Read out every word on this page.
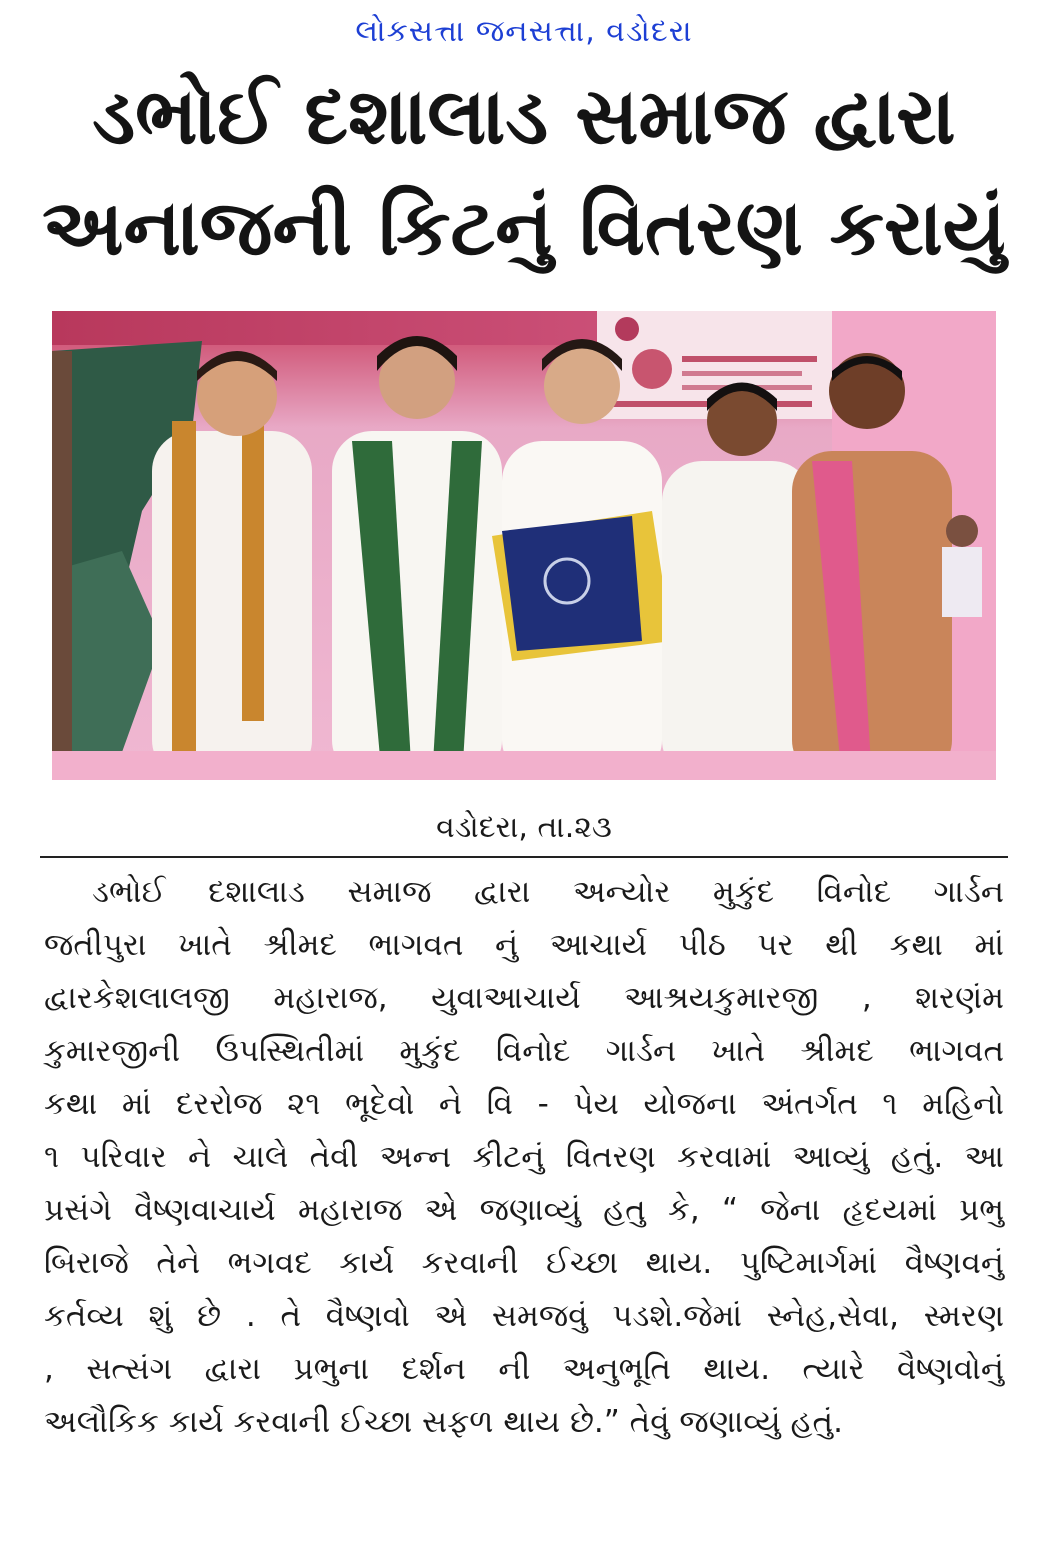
લોકસત્તા જનસત્તા, વડોદરા
ડભોઈ દશાલાડ સમાજ દ્વારા
અનાજની કિટનું વિતરણ કરાયું
વડોદરા, તા.૨૩
ડભોઈ દશાલાડ સમાજ દ્વારા અન્યોર મુકુંદ વિનોદ ગાર્ડન
જતીપુરા ખાતે શ્રીમદ ભાગવત નું આચાર્ય પીઠ પર થી કથા માં
દ્વારકેશલાલજી મહારાજ, યુવાઆચાર્ય આશ્રયકુમારજી , શરણંમ
કુમારજીની ઉપસ્થિતીમાં મુકુંદ વિનોદ ગાર્ડન ખાતે શ્રીમદ ભાગવત
કથા માં દરરોજ ૨૧ ભૂદેવો ને વિ - પેય યોજના અંતર્ગત ૧ મહિનો
૧ પરિવાર ને ચાલે તેવી અન્ન કીટનું વિતરણ કરવામાં આવ્યું હતું. આ
પ્રસંગે વૈષ્ણવાચાર્ય મહારાજ એ જણાવ્યું હતુ કે, “ જેના હૃદયમાં પ્રભુ
બિરાજે તેને ભગવદ કાર્ય કરવાની ઈચ્છા થાય. પુષ્ટિમાર્ગમાં વૈષ્ણવનું
કર્તવ્ય શું છે . તે વૈષ્ણવો એ સમજવું પડશે.જેમાં સ્નેહ,સેવા, સ્મરણ
, સત્સંગ દ્વારા પ્રભુના દર્શન ની અનુભૂતિ થાય. ત્યારે વૈષ્ણવોનું
અલૌકિક કાર્ય કરવાની ઈચ્છા સફળ થાય છે.” તેવું જણાવ્યું હતું.
